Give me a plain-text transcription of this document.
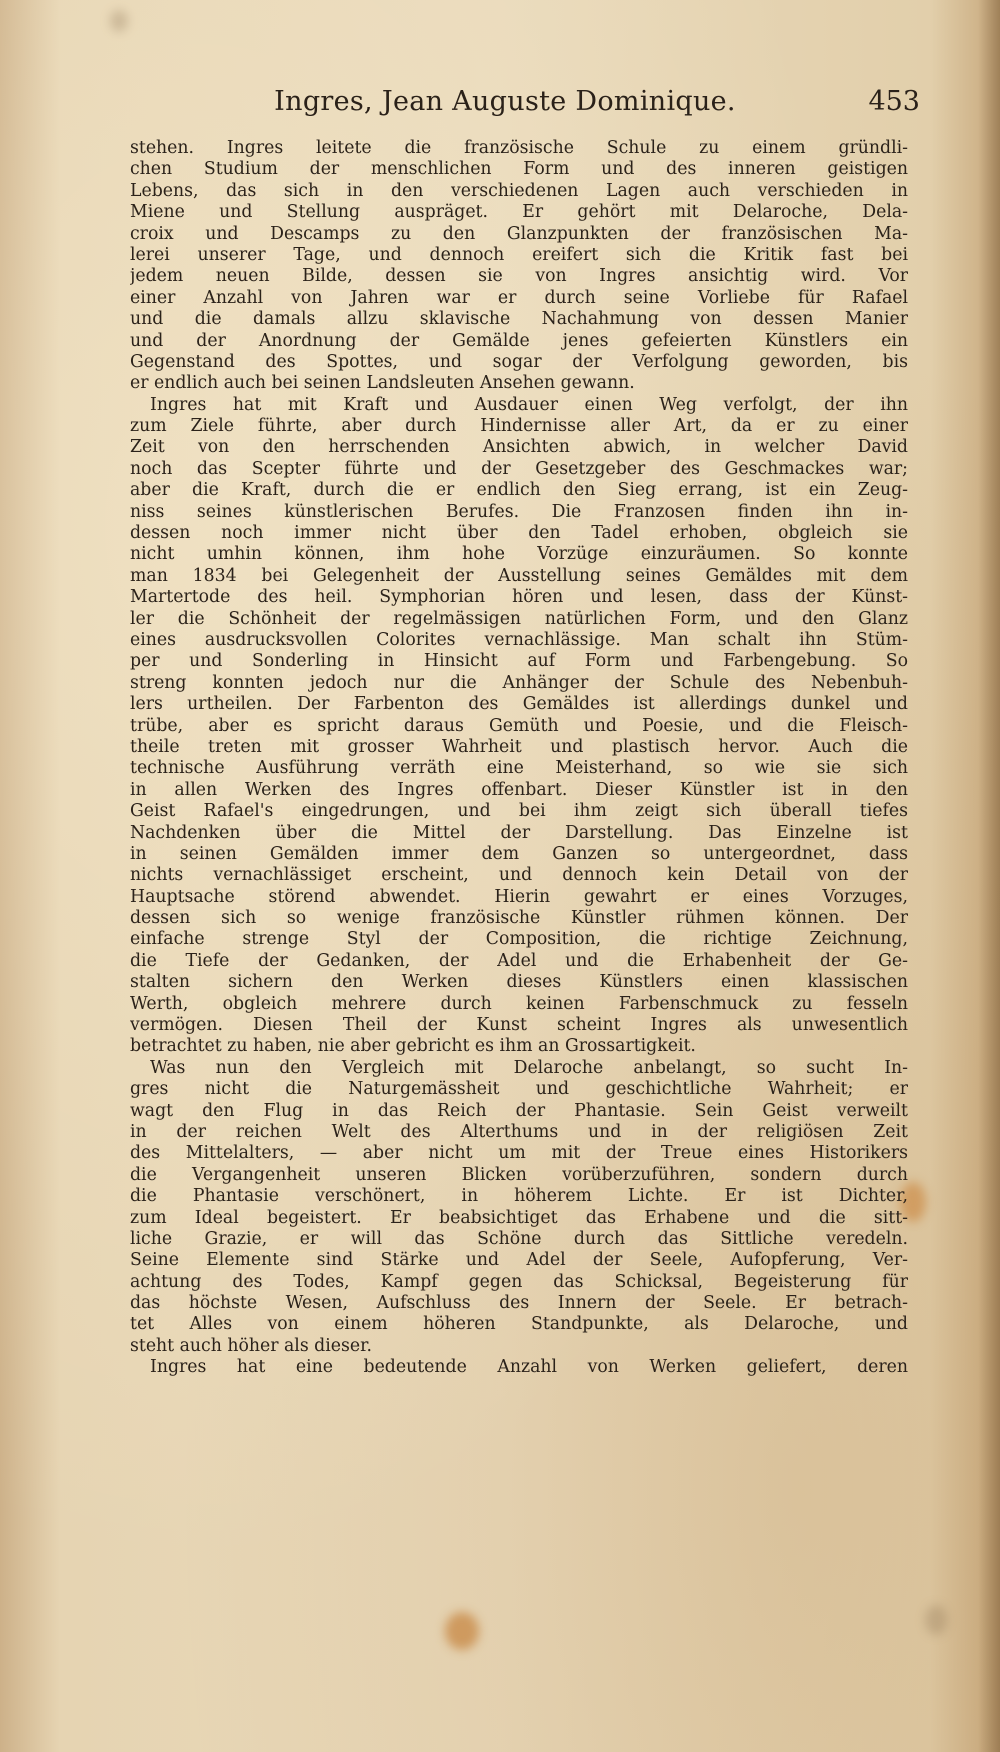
Ingres, Jean Auguste Dominique.	453
stehen. Ingres leitete die französische Schule zu einem gründli-
chen Studium der menschlichen Form und des inneren geistigen
Lebens, das sich in den verschiedenen Lagen auch verschieden in
Miene und Stellung auspräget. Er gehört mit Delaroche, Dela-
croix und Descamps zu den Glanzpunkten der französischen Ma-
lerei unserer Tage, und dennoch ereifert sich die Kritik fast bei
jedem neuen Bilde, dessen sie von Ingres ansichtig wird. Vor
einer Anzahl von Jahren war er durch seine Vorliebe für Rafael
und die damals allzu sklavische Nachahmung von dessen Manier
und der Anordnung der Gemälde jenes gefeierten Künstlers ein
Gegenstand des Spottes, und sogar der Verfolgung geworden, bis
er endlich auch bei seinen Landsleuten Ansehen gewann.
Ingres hat mit Kraft und Ausdauer einen Weg verfolgt, der ihn
zum Ziele führte, aber durch Hindernisse aller Art, da er zu einer
Zeit von den herrschenden Ansichten abwich, in welcher David
noch das Scepter führte und der Gesetzgeber des Geschmackes war;
aber die Kraft, durch die er endlich den Sieg errang, ist ein Zeug-
niss seines künstlerischen Berufes. Die Franzosen finden ihn in-
dessen noch immer nicht über den Tadel erhoben, obgleich sie
nicht umhin können, ihm hohe Vorzüge einzuräumen. So konnte
man 1834 bei Gelegenheit der Ausstellung seines Gemäldes mit dem
Martertode des heil. Symphorian hören und lesen, dass der Künst-
ler die Schönheit der regelmässigen natürlichen Form, und den Glanz
eines ausdrucksvollen Colorites vernachlässige. Man schalt ihn Stüm-
per und Sonderling in Hinsicht auf Form und Farbengebung. So
streng konnten jedoch nur die Anhänger der Schule des Nebenbuh-
lers urtheilen. Der Farbenton des Gemäldes ist allerdings dunkel und
trübe, aber es spricht daraus Gemüth und Poesie, und die Fleisch-
theile treten mit grosser Wahrheit und plastisch hervor. Auch die
technische Ausführung verräth eine Meisterhand, so wie sie sich
in allen Werken des Ingres offenbart. Dieser Künstler ist in den
Geist Rafael's eingedrungen, und bei ihm zeigt sich überall tiefes
Nachdenken über die Mittel der Darstellung. Das Einzelne ist
in seinen Gemälden immer dem Ganzen so untergeordnet, dass
nichts vernachlässiget erscheint, und dennoch kein Detail von der
Hauptsache störend abwendet. Hierin gewahrt er eines Vorzuges,
dessen sich so wenige französische Künstler rühmen können. Der
einfache strenge Styl der Composition, die richtige Zeichnung,
die Tiefe der Gedanken, der Adel und die Erhabenheit der Ge-
stalten sichern den Werken dieses Künstlers einen klassischen
Werth, obgleich mehrere durch keinen Farbenschmuck zu fesseln
vermögen. Diesen Theil der Kunst scheint Ingres als unwesentlich
betrachtet zu haben, nie aber gebricht es ihm an Grossartigkeit.
Was nun den Vergleich mit Delaroche anbelangt, so sucht In-
gres nicht die Naturgemässheit und geschichtliche Wahrheit; er
wagt den Flug in das Reich der Phantasie. Sein Geist verweilt
in der reichen Welt des Alterthums und in der religiösen Zeit
des Mittelalters, — aber nicht um mit der Treue eines Historikers
die Vergangenheit unseren Blicken vorüberzuführen, sondern durch
die Phantasie verschönert, in höherem Lichte. Er ist Dichter,
zum Ideal begeistert. Er beabsichtiget das Erhabene und die sitt-
liche Grazie, er will das Schöne durch das Sittliche veredeln.
Seine Elemente sind Stärke und Adel der Seele, Aufopferung, Ver-
achtung des Todes, Kampf gegen das Schicksal, Begeisterung für
das höchste Wesen, Aufschluss des Innern der Seele. Er betrach-
tet Alles von einem höheren Standpunkte, als Delaroche, und
steht auch höher als dieser.
Ingres hat eine bedeutende Anzahl von Werken geliefert, deren
